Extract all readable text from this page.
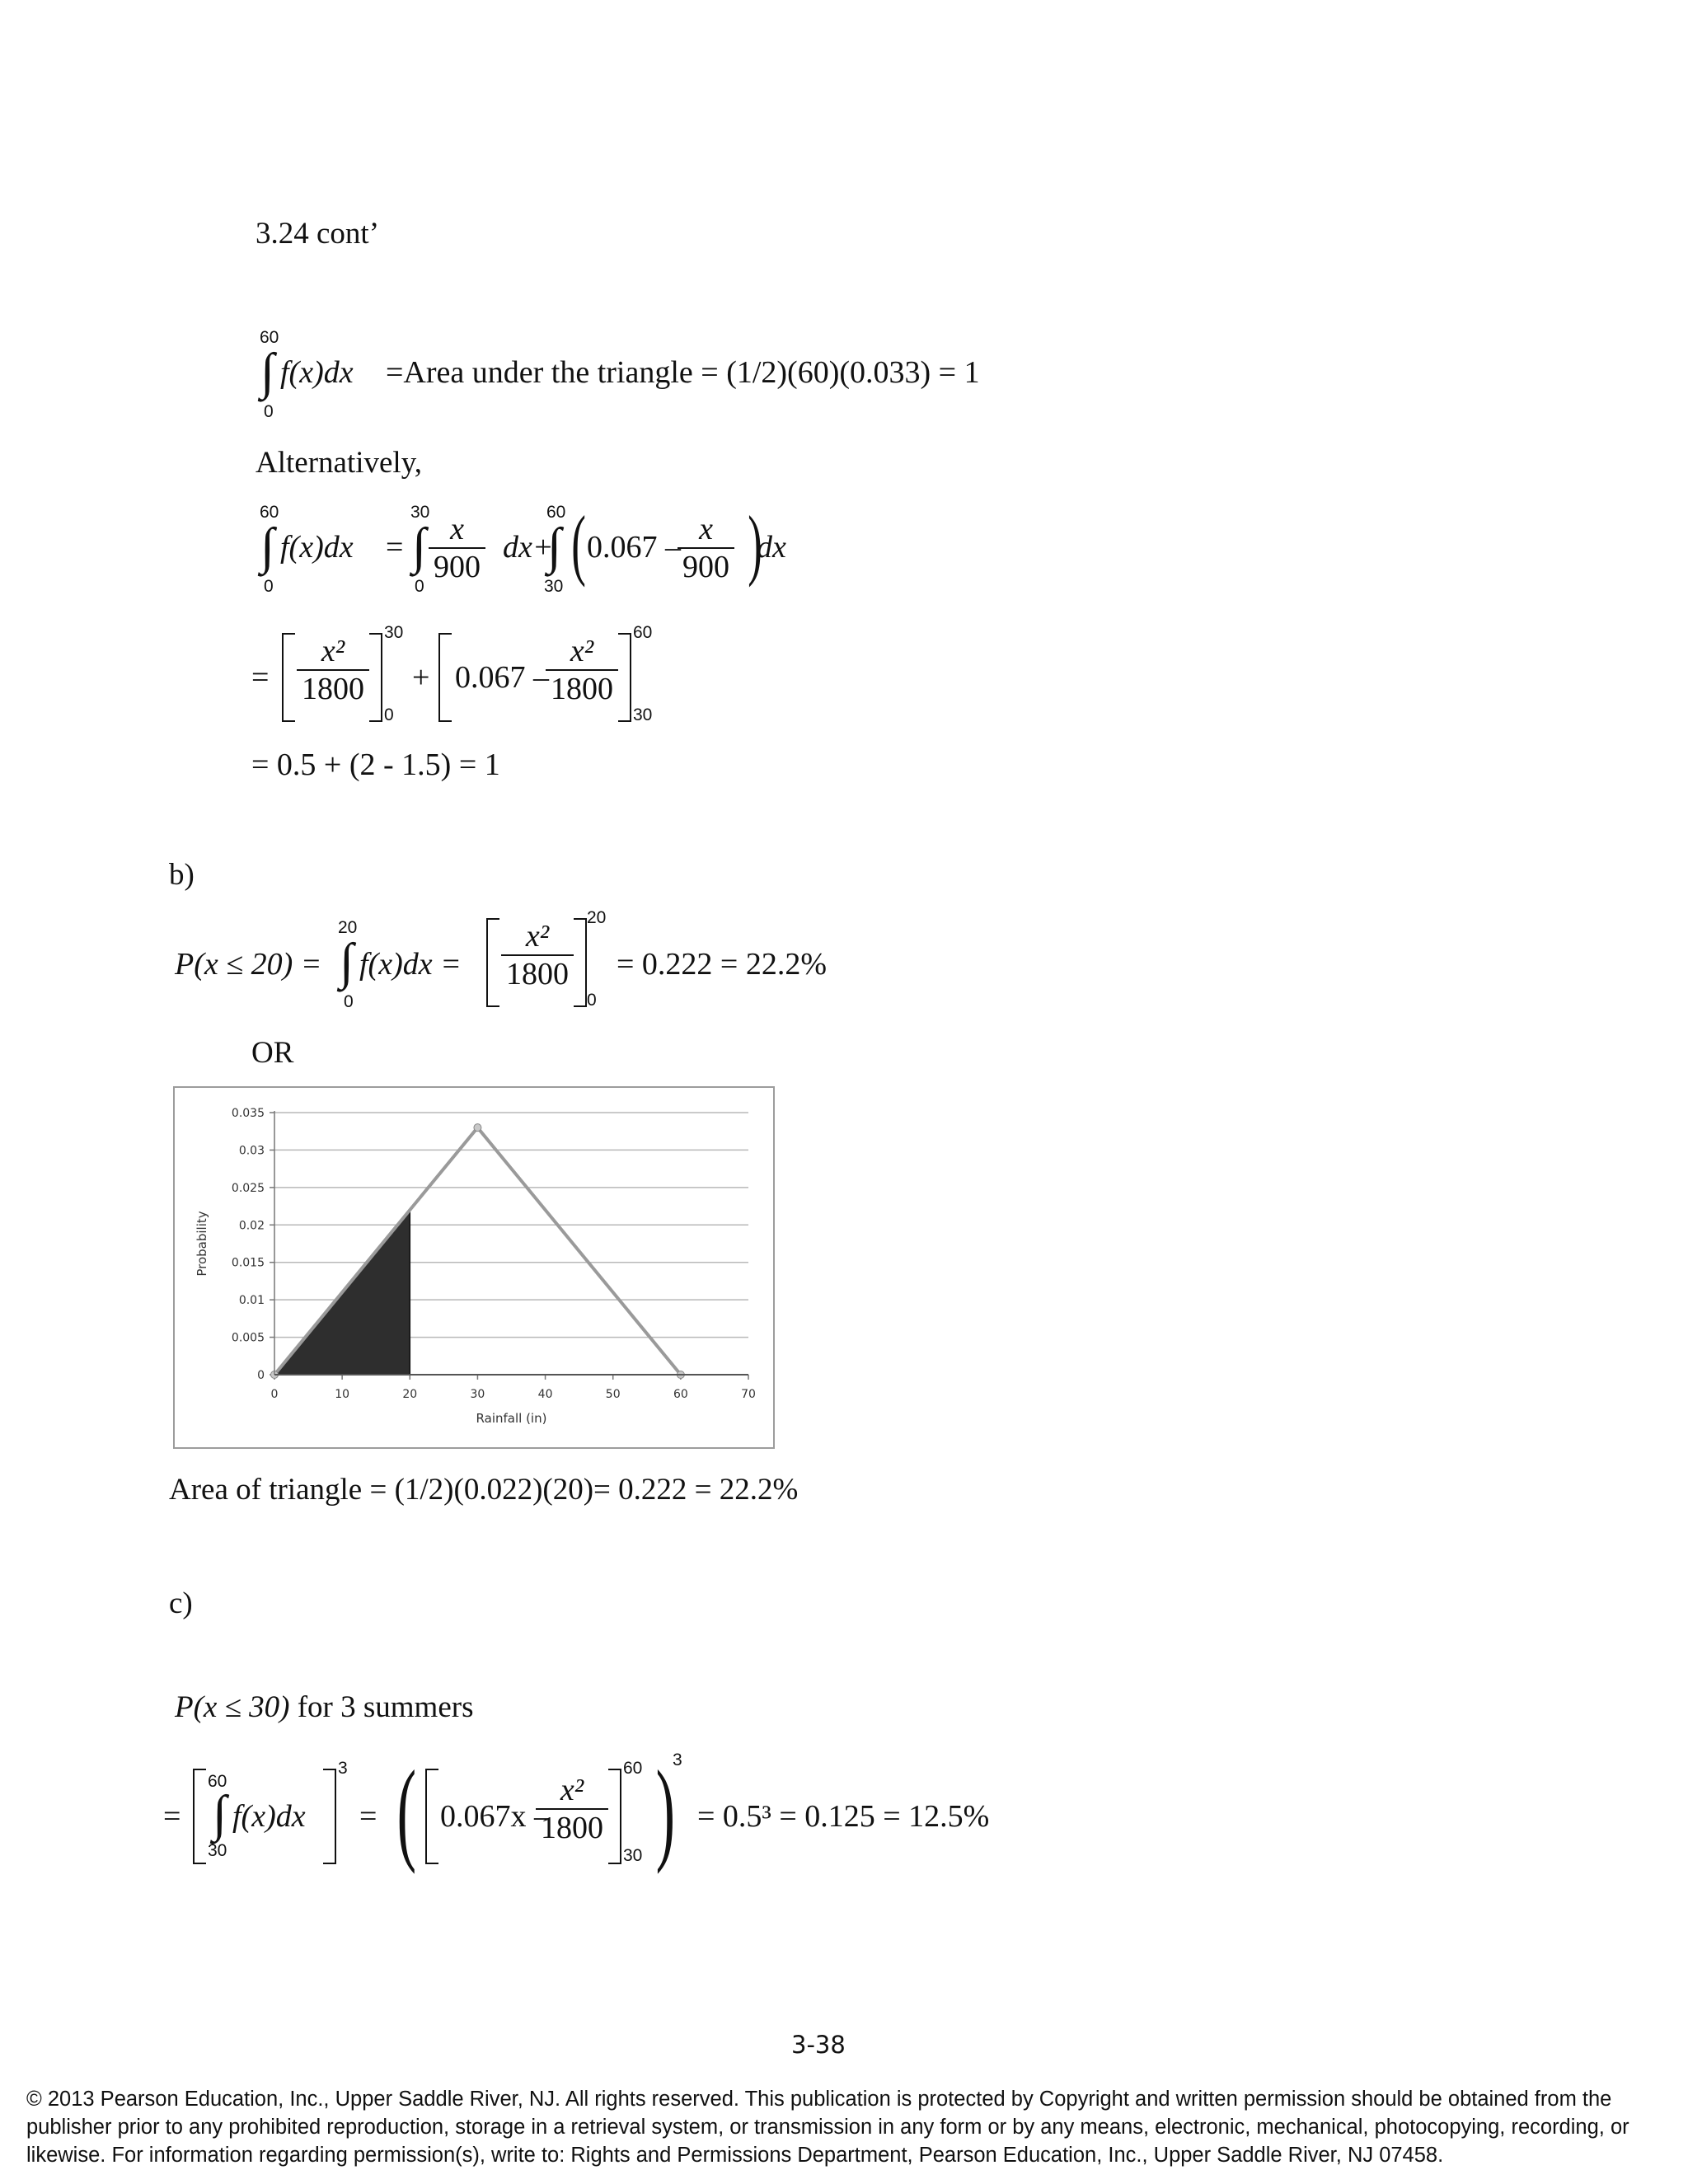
3.24 cont’
60
∫
0
f(x)dx =Area under the triangle = (1/2)(60)(0.033) = 1
Alternatively,
60
∫
0
f(x)dx =
30
∫
0
$\frac{x}{900} dx+$
60
∫
30 ( 0.067 –
$\frac{x}{900}$ )
dx
= $\frac{\text{x²}}{1800}$
30
0
+ 0.067 –
$\frac{\text{x²}}{1800}$
60
30
= 0.5 + (2 - 1.5) = 1
b)
P(x ≤ 20) =
20
∫
0
$f(x)dx = \frac{\text{x²}}{1800}$
20
0
= 0.222 = 22.2%
OR
0
0.005
0.01
0.015
0.02
0.025
0.03
0.035
0	10	20	30	40	50	60	70
Rainfall (in)
Probability
Area of triangle = (1/2)(0.022)(20)= 0.222 = 22.2%
c)
P(x ≤ 30) for 3 summers
=
60
∫
30
f(x)dx
3
= ( 0.067x –
$\frac{\text{x²}}{1800}$
60
30 )
3
= 0.5³ = 0.125 = 12.5%
3-38
© 2013 Pearson Education, Inc., Upper Saddle River, NJ. All rights reserved. This publication is protected by Copyright and written permission should be obtained from the publisher prior to any prohibited reproduction, storage in a retrieval system, or transmission in any form or by any means, electronic, mechanical, photocopying, recording, or likewise. For information regarding permission(s), write to: Rights and Permissions Department, Pearson Education, Inc., Upper Saddle River, NJ 07458.
